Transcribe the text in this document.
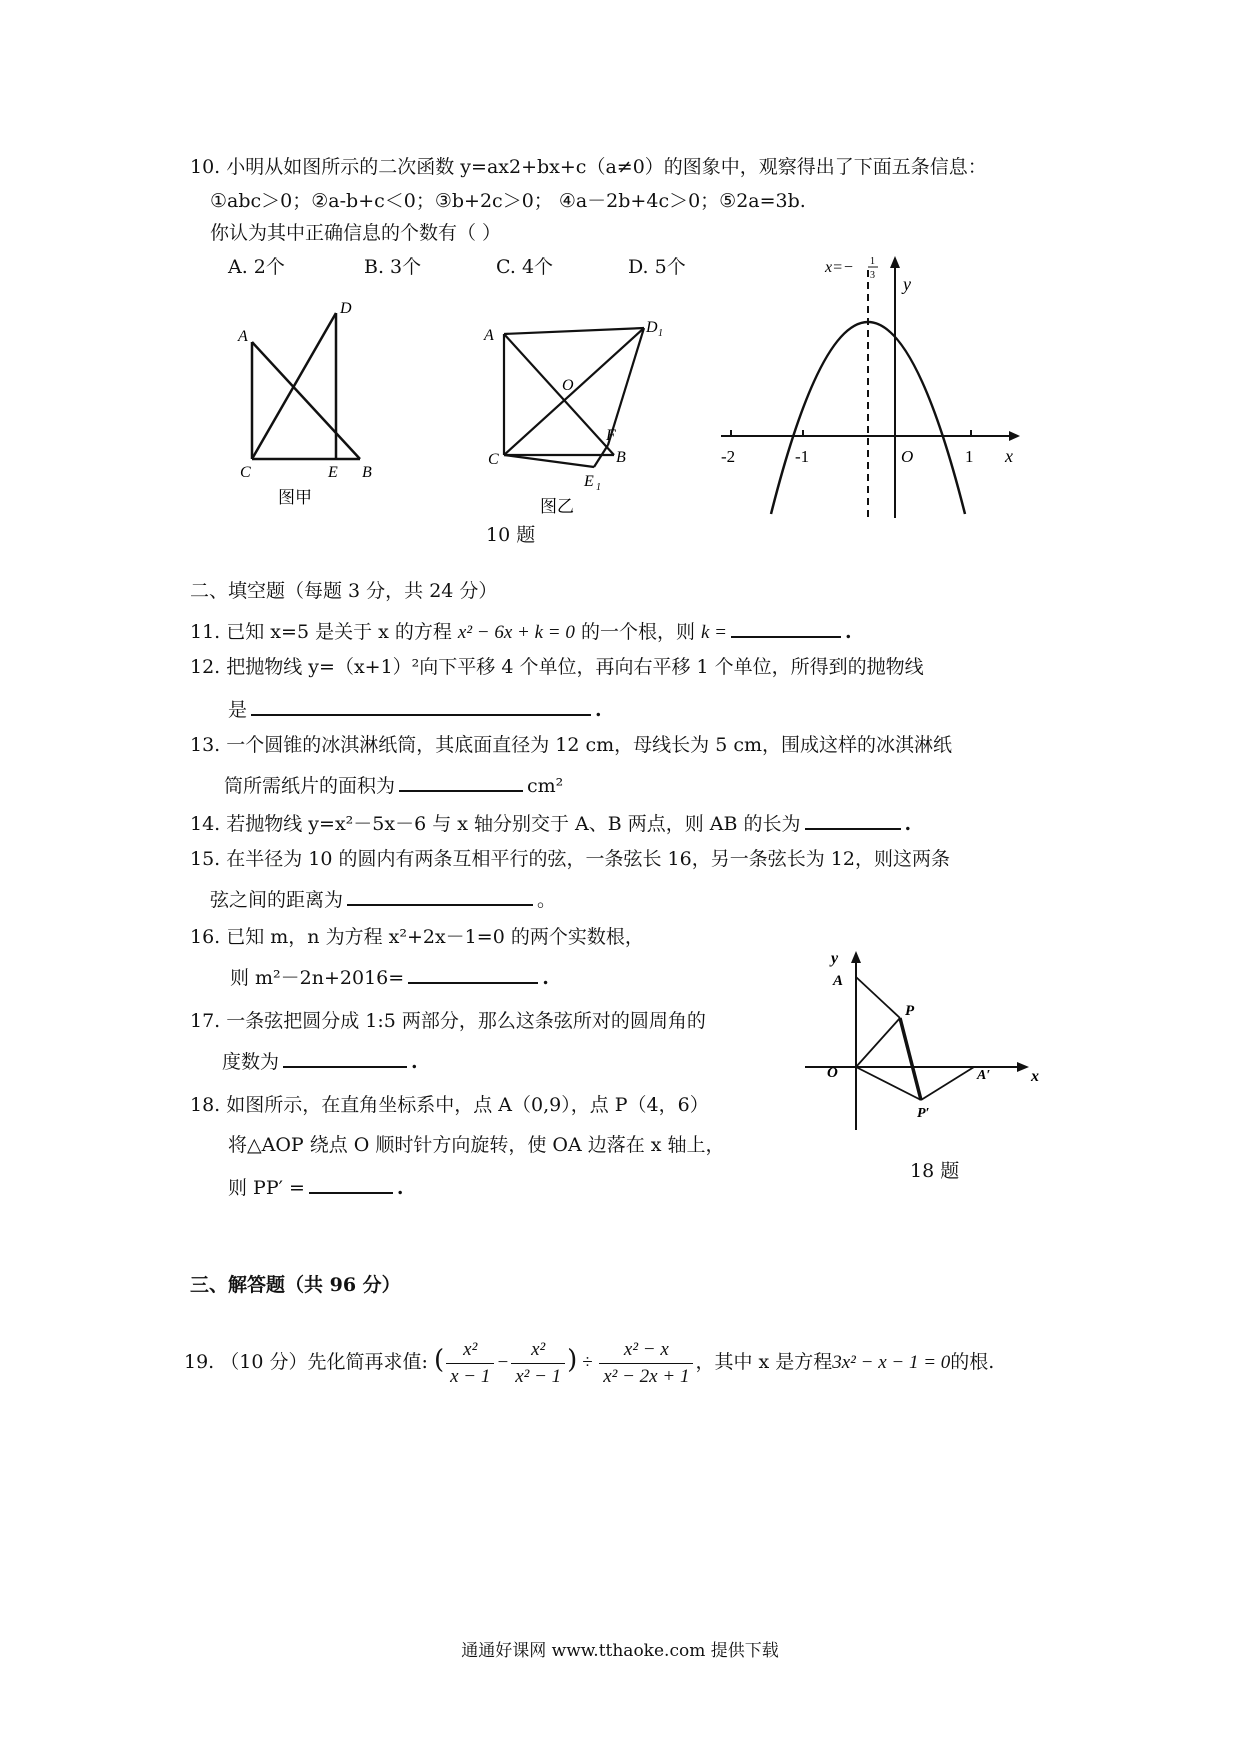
10. 小明从如图所示的二次函数 y=ax2+bx+c（a≠0）的图象中，观察得出了下面五条信息：
①abc＞0；②a-b+c＜0；③b+2c＞0； ④a－2b+4c＞0；⑤2a=3b.
你认为其中正确信息的个数有（ ）
A. 2个	B. 3个	C. 4个	D. 5个
A
D
C	E B
图甲
A	D 1
O
F
C	B
E 1
图乙
10 题
x=− 1
3 y
x
-2	-1	O	1
二、填空题（每题 3 分，共 24 分）
11. 已知 x=5 是关于 x 的方程 x² − 6x + k = 0 的一个根，则 k =	.
12. 把抛物线 y=（x+1）²向下平移 4 个单位，再向右平移 1 个单位，所得到的抛物线
是	.
13. 一个圆锥的冰淇淋纸筒，其底面直径为 12 cm，母线长为 5 cm，围成这样的冰淇淋纸
筒所需纸片的面积为	cm²
14. 若抛物线 y=x²－5x－6 与 x 轴分别交于 A、B 两点，则 AB 的长为	.
15. 在半径为 10 的圆内有两条互相平行的弦，一条弦长 16，另一条弦长为 12，则这两条
弦之间的距离为	。
16. 已知 m，n 为方程 x²+2x－1=0 的两个实数根，
则 m²－2n+2016=	.
17. 一条弦把圆分成 1:5 两部分，那么这条弦所对的圆周角的
度数为	.
18. 如图所示，在直角坐标系中，点 A（0,9），点 P（4，6）
将△AOP 绕点 O 顺时针方向旋转，使 OA 边落在 x 轴上，
则 PP′ =	.
y
A
P
O	A′	x
P′
18 题
三、解答题（共 96 分）
19. （10 分）先化简再求值: ( $\frac{\text{x²}}{x - 1} - \frac{\text{x²}}{\text{x² − 1}}$ ) ÷ $\frac{\text{x² − x}}{\text{x² − 2x + 1}}$ ，其中 x 是方程3x² − x − 1 = 0的根.
通通好课网 www.tthaoke.com 提供下载
